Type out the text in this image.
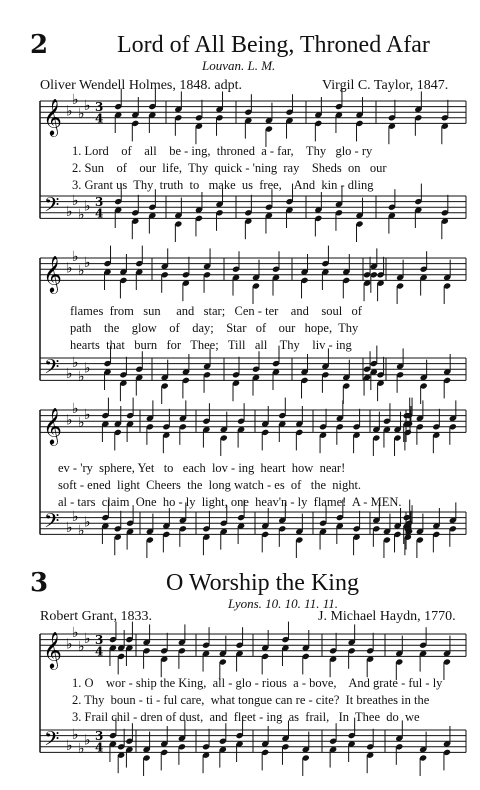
2	Lord of All Being, Throned Afar
Louvan. L. M.
Oliver Wendell Holmes, 1848. adpt.	Virgil C. Taylor, 1847.
1. Lord    of    all    be - ing,  throned  a - far,    Thy   glo - ry
2. Sun    of    our  life,  Thy  quick - 'ning  ray    Sheds  on   our
3. Grant us  Thy  truth  to   make  us  free,    And  kin - dling
flames  from   sun     and   star;   Cen - ter    and    soul   of
path    the    glow    of    day;    Star   of    our   hope,  Thy
hearts  that   burn   for   Thee;   Till   all    Thy    liv - ing
ev - 'ry  sphere, Yet   to   each  lov - ing  heart  how  near!
soft - ened  light  Cheers  the  long watch - es  of   the  night.
al - tars  claim  One  ho - ly  light, one  heav'n - ly  flame!  A - MEN.
3	O Worship the King
Lyons. 10. 10. 11. 11.
Robert Grant, 1833.	J. Michael Haydn, 1770.
1. O    wor - ship the King,  all - glo - rious  a - bove,    And grate - ful - ly
2. Thy  boun - ti - ful care,  what tongue can re - cite?  It breathes in the
3. Frail chil - dren of dust,  and  fleet - ing  as  frail,   In  Thee  do  we
𝄞
𝄢
♭
♭
♭
♭
♭
♭
♭
♭
3
3
4
4
𝄞
𝄢
♭
♭
♭
♭
♭
♭
♭
♭
𝄞
𝄢
♭
♭
♭
♭
♭
♭
♭
♭
𝄞
𝄢
♭
♭
♭
♭
♭
♭
♭
♭
3
3
4
4
